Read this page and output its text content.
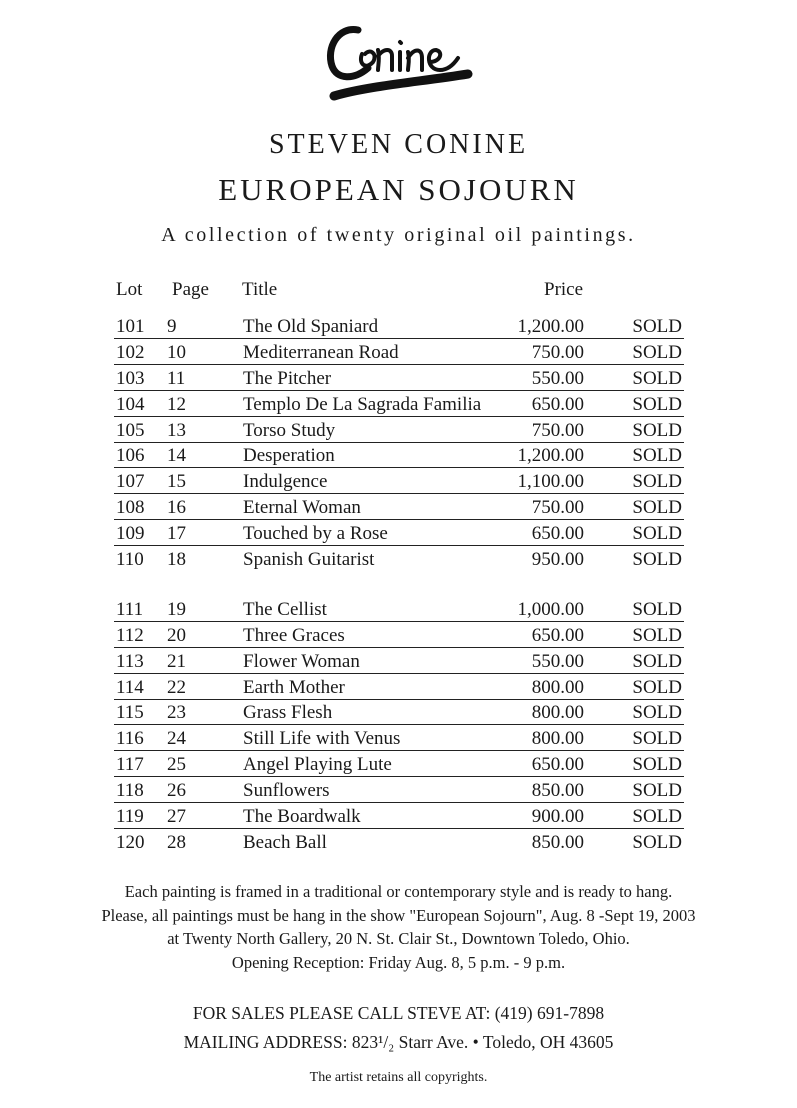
STEVEN CONINE
EUROPEAN SOJOURN
A collection of twenty original oil paintings.
Lot Page Title	Price
101 9	The Old Spaniard	1,200.00	SOLD
102 10	Mediterranean Road	750.00	SOLD
103 11	The Pitcher	550.00	SOLD
104 12	Templo De La Sagrada Familia	650.00	SOLD
105 13	Torso Study	750.00	SOLD
106 14	Desperation	1,200.00	SOLD
107 15	Indulgence	1,100.00	SOLD
108 16	Eternal Woman	750.00	SOLD
109 17	Touched by a Rose	650.00	SOLD
110 18	Spanish Guitarist	950.00	SOLD
111 19	The Cellist	1,000.00	SOLD
112 20	Three Graces	650.00	SOLD
113 21	Flower Woman	550.00	SOLD
114 22	Earth Mother	800.00	SOLD
115 23	Grass Flesh	800.00	SOLD
116 24	Still Life with Venus	800.00	SOLD
117 25	Angel Playing Lute	650.00	SOLD
118 26	Sunflowers	850.00	SOLD
119 27	The Boardwalk	900.00	SOLD
120 28	Beach Ball	850.00	SOLD
Each painting is framed in a traditional or contemporary style and is ready to hang.
Please, all paintings must be hang in the show "European Sojourn", Aug. 8 -Sept 19, 2003
at Twenty North Gallery, 20 N. St. Clair St., Downtown Toledo, Ohio.
Opening Reception: Friday Aug. 8, 5 p.m. - 9 p.m.
FOR SALES PLEASE CALL STEVE AT: (419) 691-7898
MAILING ADDRESS: 823¹/₂ Starr Ave. • Toledo, OH 43605
The artist retains all copyrights.
